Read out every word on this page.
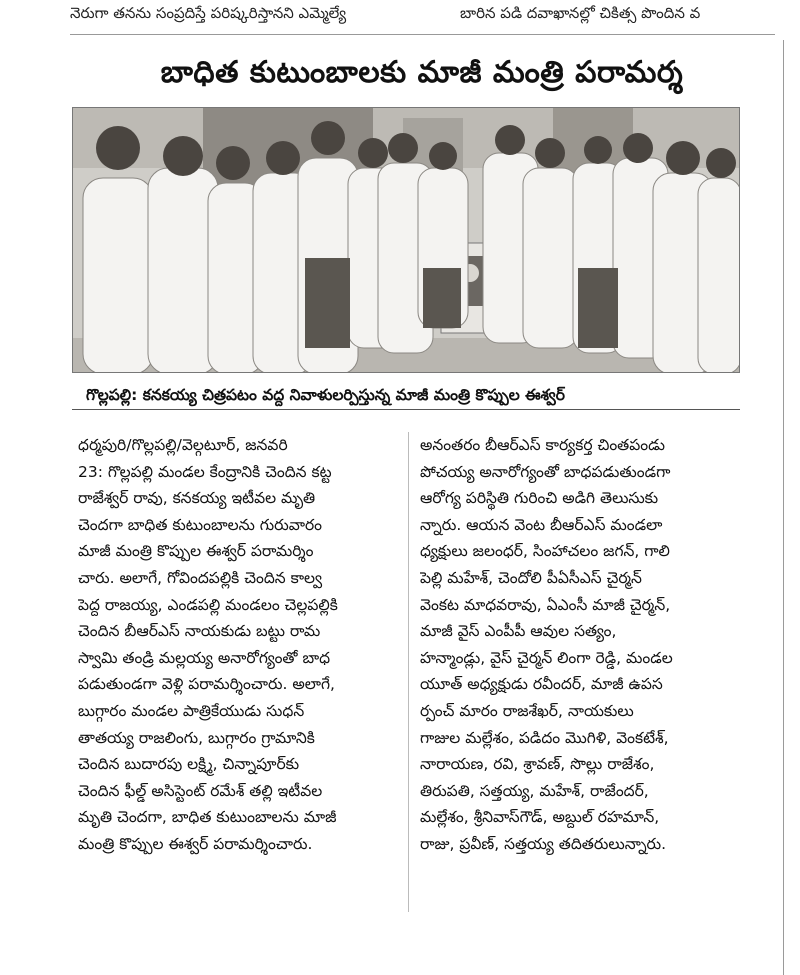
నెరుగా తనను సంప్రదిస్తే పరిష్కరిస్తానని ఎమ్మెల్యే	బారిన పడి దవాఖానల్లో చికిత్స పొందిన వ
బాధిత కుటుంబాలకు మాజీ మంత్రి పరామర్శ
గొల్లపల్లి: కనకయ్య చిత్రపటం వద్ద నివాళులర్పిస్తున్న మాజీ మంత్రి కొప్పుల ఈశ్వర్

ధర్మపురి/గొల్లపల్లి/వెల్గటూర్, జనవరి

23: గొల్లపల్లి మండల కేంద్రానికి చెందిన కట్ట

రాజేశ్వర్ రావు, కనకయ్య ఇటీవల మృతి

చెందగా బాధిత కుటుంబాలను గురువారం

మాజీ మంత్రి కొప్పుల ఈశ్వర్ పరామర్శిం

చారు. అలాగే, గోవిందపల్లికి చెందిన కాల్వ

పెద్ద రాజయ్య, ఎండపల్లి మండలం చెల్లపల్లికి

చెందిన బీఆర్ఎస్ నాయకుడు బట్టు రామ

స్వామి తండ్రి మల్లయ్య అనారోగ్యంతో బాధ

పడుతుండగా వెళ్లి పరామర్శించారు. అలాగే,

బుగ్గారం మండల పాత్రికేయుడు సుధన్

తాతయ్య రాజలింగు, బుగ్గారం గ్రామానికి

చెందిన బుదారపు లక్ష్మి, చిన్నాపూర్‌కు

చెందిన ఫీల్డ్ అసిస్టెంట్ రమేశ్ తల్లి ఇటీవల

మృతి చెందగా, బాధిత కుటుంబాలను మాజీ

మంత్రి కొప్పుల ఈశ్వర్ పరామర్శించారు.

అనంతరం బీఆర్ఎస్ కార్యకర్త చింతపండు

పోచయ్య అనారోగ్యంతో బాధపడుతుండగా

ఆరోగ్య పరిస్థితి గురించి అడిగి తెలుసుకు

న్నారు. ఆయన వెంట బీఆర్ఎస్ మండలా

ధ్యక్షులు జలంధర్, సింహాచలం జగన్, గాలి

పెల్లి మహేశ్, చెందోలి పీఏసీఎస్ చైర్మన్

వెంకట మాధవరావు, ఏఎంసీ మాజీ చైర్మన్,

మాజీ వైస్ ఎంపీపీ ఆవుల సత్యం,

హన్మాండ్లు, వైస్ చైర్మన్ లింగా రెడ్డి, మండల

యూత్ అధ్యక్షుడు రవీందర్, మాజీ ఉపస

ర్పంచ్ మారం రాజశేఖర్, నాయకులు

గాజుల మల్లేశం, పడిదం మొగిళి, వెంకటేశ్,

నారాయణ, రవి, శ్రావణ్, సొల్లు రాజేశం,

తిరుపతి, సత్తయ్య, మహేశ్, రాజేందర్,

మల్లేశం, శ్రీనివాస్‌గౌడ్, అబ్దుల్ రహమాన్,

రాజు, ప్రవీణ్, సత్తయ్య తదితరులున్నారు.
